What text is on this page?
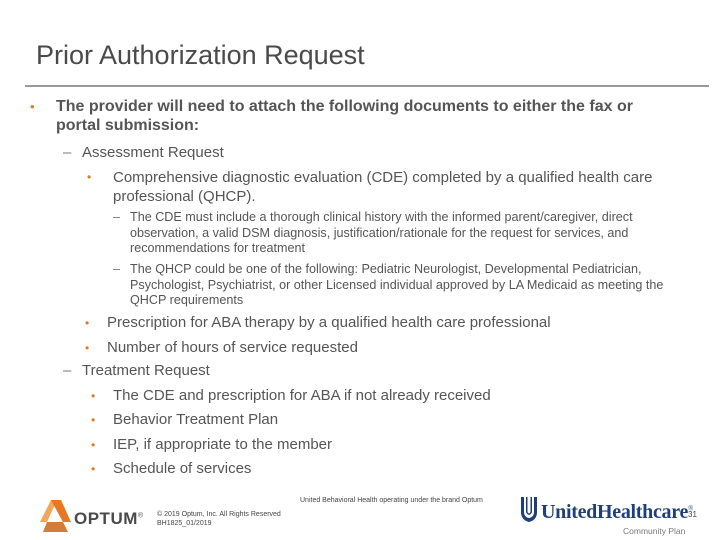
Prior Authorization Request
• The provider will need to attach the following documents to either the fax or portal submission:
– Assessment Request
• Comprehensive diagnostic evaluation (CDE) completed by a qualified health care professional (QHCP).
– The CDE must include a thorough clinical history with the informed parent/caregiver, direct observation, a valid DSM diagnosis, justification/rationale for the request for services, and recommendations for treatment
– The QHCP could be one of the following: Pediatric Neurologist, Developmental Pediatrician, Psychologist, Psychiatrist, or other Licensed individual approved by LA Medicaid as meeting the QHCP requirements
• Prescription for ABA therapy by a qualified health care professional
• Number of hours of service requested
– Treatment Request
• The CDE and prescription for ABA if not already received
• Behavior Treatment Plan
• IEP, if appropriate to the member
• Schedule of services
OPTUM® © 2019 Optum, Inc. All Rights Reserved
BH1825_01/2019
United Behavioral Health operating under the brand Optum
UnitedHealthcare®
Community Plan
31
